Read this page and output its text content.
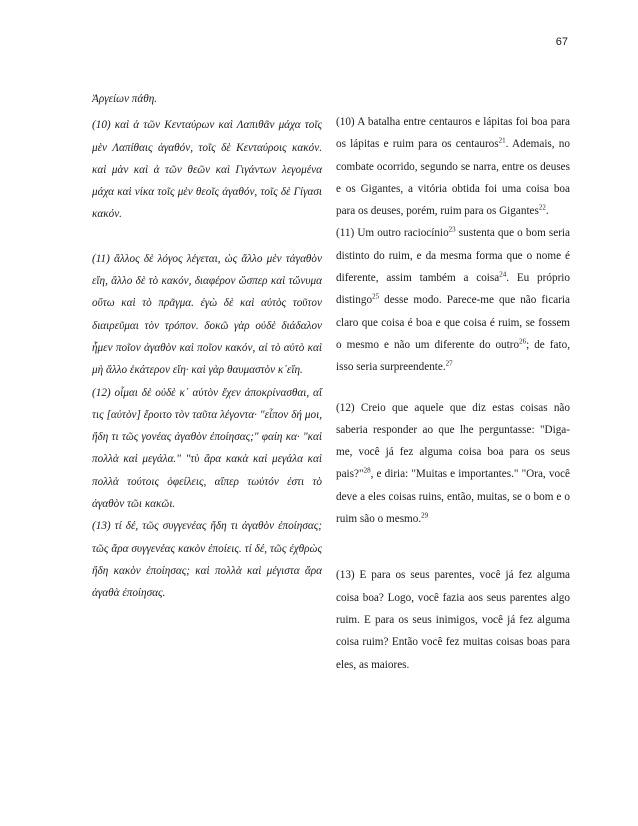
67

Ἀργείων πάθη.

(10) καὶ ἁ τῶν Κενταύρων καὶ Λαπιθᾶν μάχα τοῖς μὲν Λαπίθαις ἀγαθόν, τοῖς δὲ Κενταύροις κακόν. καὶ μὰν καὶ ἁ τῶν θεῶν καὶ Γιγάντων λεγομένα μάχα καὶ νίκα τοῖς μὲν θεοῖς ἀγαθόν, τοῖς δὲ Γίγασι κακόν.

(11) ἄλλος δὲ λόγος λέγεται, ὡς ἄλλο μὲν τἀγαθὸν εἴη, ἄλλο δὲ τὸ κακόν, διαφέρον ὥσπερ καὶ τὤνυμα οὕτω καὶ τὸ πρᾶγμα. ἐγὼ δὲ καὶ αὐτὸς τοῦτον διαιρεῦμαι τὸν τρόπον. δοκῶ γὰρ οὐδὲ διάδαλον ἦμεν ποῖον ἀγαθὸν καὶ ποῖον κακόν, αἰ τὸ αὐτὸ καὶ μὴ ἄλλο ἑκάτερον εἴη· καὶ γὰρ θαυμαστὸν κ᾽εἴη.

(12) οἶμαι δὲ οὐδὲ κ᾽ αὐτὸν ἔχεν ἀποκρίνασθαι, αἴ τις [αὐτὸν] ἔροιτο τὸν ταῦτα λέγοντα· "εἶπον δή μοι, ἤδη τι τῶς γονέας ἀγαθὸν ἐποίησας;" φαίη κα· "καὶ πολλὰ καὶ μεγάλα." "τὺ ἄρα κακὰ καὶ μεγάλα καὶ πολλὰ τούτοις ὀφείλεις, αἴπερ τωὐτόν ἐστι τὸ ἀγαθὸν τῶι κακῶι.

(13) τί δέ, τῶς συγγενέας ἤδη τι ἀγαθὸν ἐποίησας; τῶς ἄρα συγγενέας κακὸν ἐποίεις. τί δέ, τῶς ἐχθρὼς ἤδη κακὸν ἐποίησας; καὶ πολλὰ καὶ μέγιστα ἄρα ἀγαθὰ ἐποίησας.

(10) A batalha entre centauros e lápitas foi boa para os lápitas e ruim para os centauros$^{21}$. Ademais, no combate ocorrido, segundo se narra, entre os deuses e os Gigantes, a vitória obtida foi uma coisa boa para os deuses, porém, ruim para os Gigantes$^{22}$.

(11) Um outro raciocínio$^{23}$ sustenta que o bom seria distinto do ruim, e da mesma forma que o nome é diferente, assim também a coisa$^{24}$. Eu próprio distingo$^{25}$ desse modo. Parece-me que não ficaria claro que coisa é boa e que coisa é ruim, se fossem o mesmo e não um diferente do outro$^{26}$; de fato, isso seria surpreendente.$^{27}$

(12) Creio que aquele que diz estas coisas não saberia responder ao que lhe perguntasse: "Diga-me, você já fez alguma coisa boa para os seus pais?"$^{28}$, e diria: "Muitas e importantes." "Ora, você deve a eles coisas ruins, então, muitas, se o bom e o ruim são o mesmo.$^{29}$

(13) E para os seus parentes, você já fez alguma coisa boa? Logo, você fazia aos seus parentes algo ruim. E para os seus inimigos, você já fez alguma coisa ruim? Então você fez muitas coisas boas para eles, as maiores.
